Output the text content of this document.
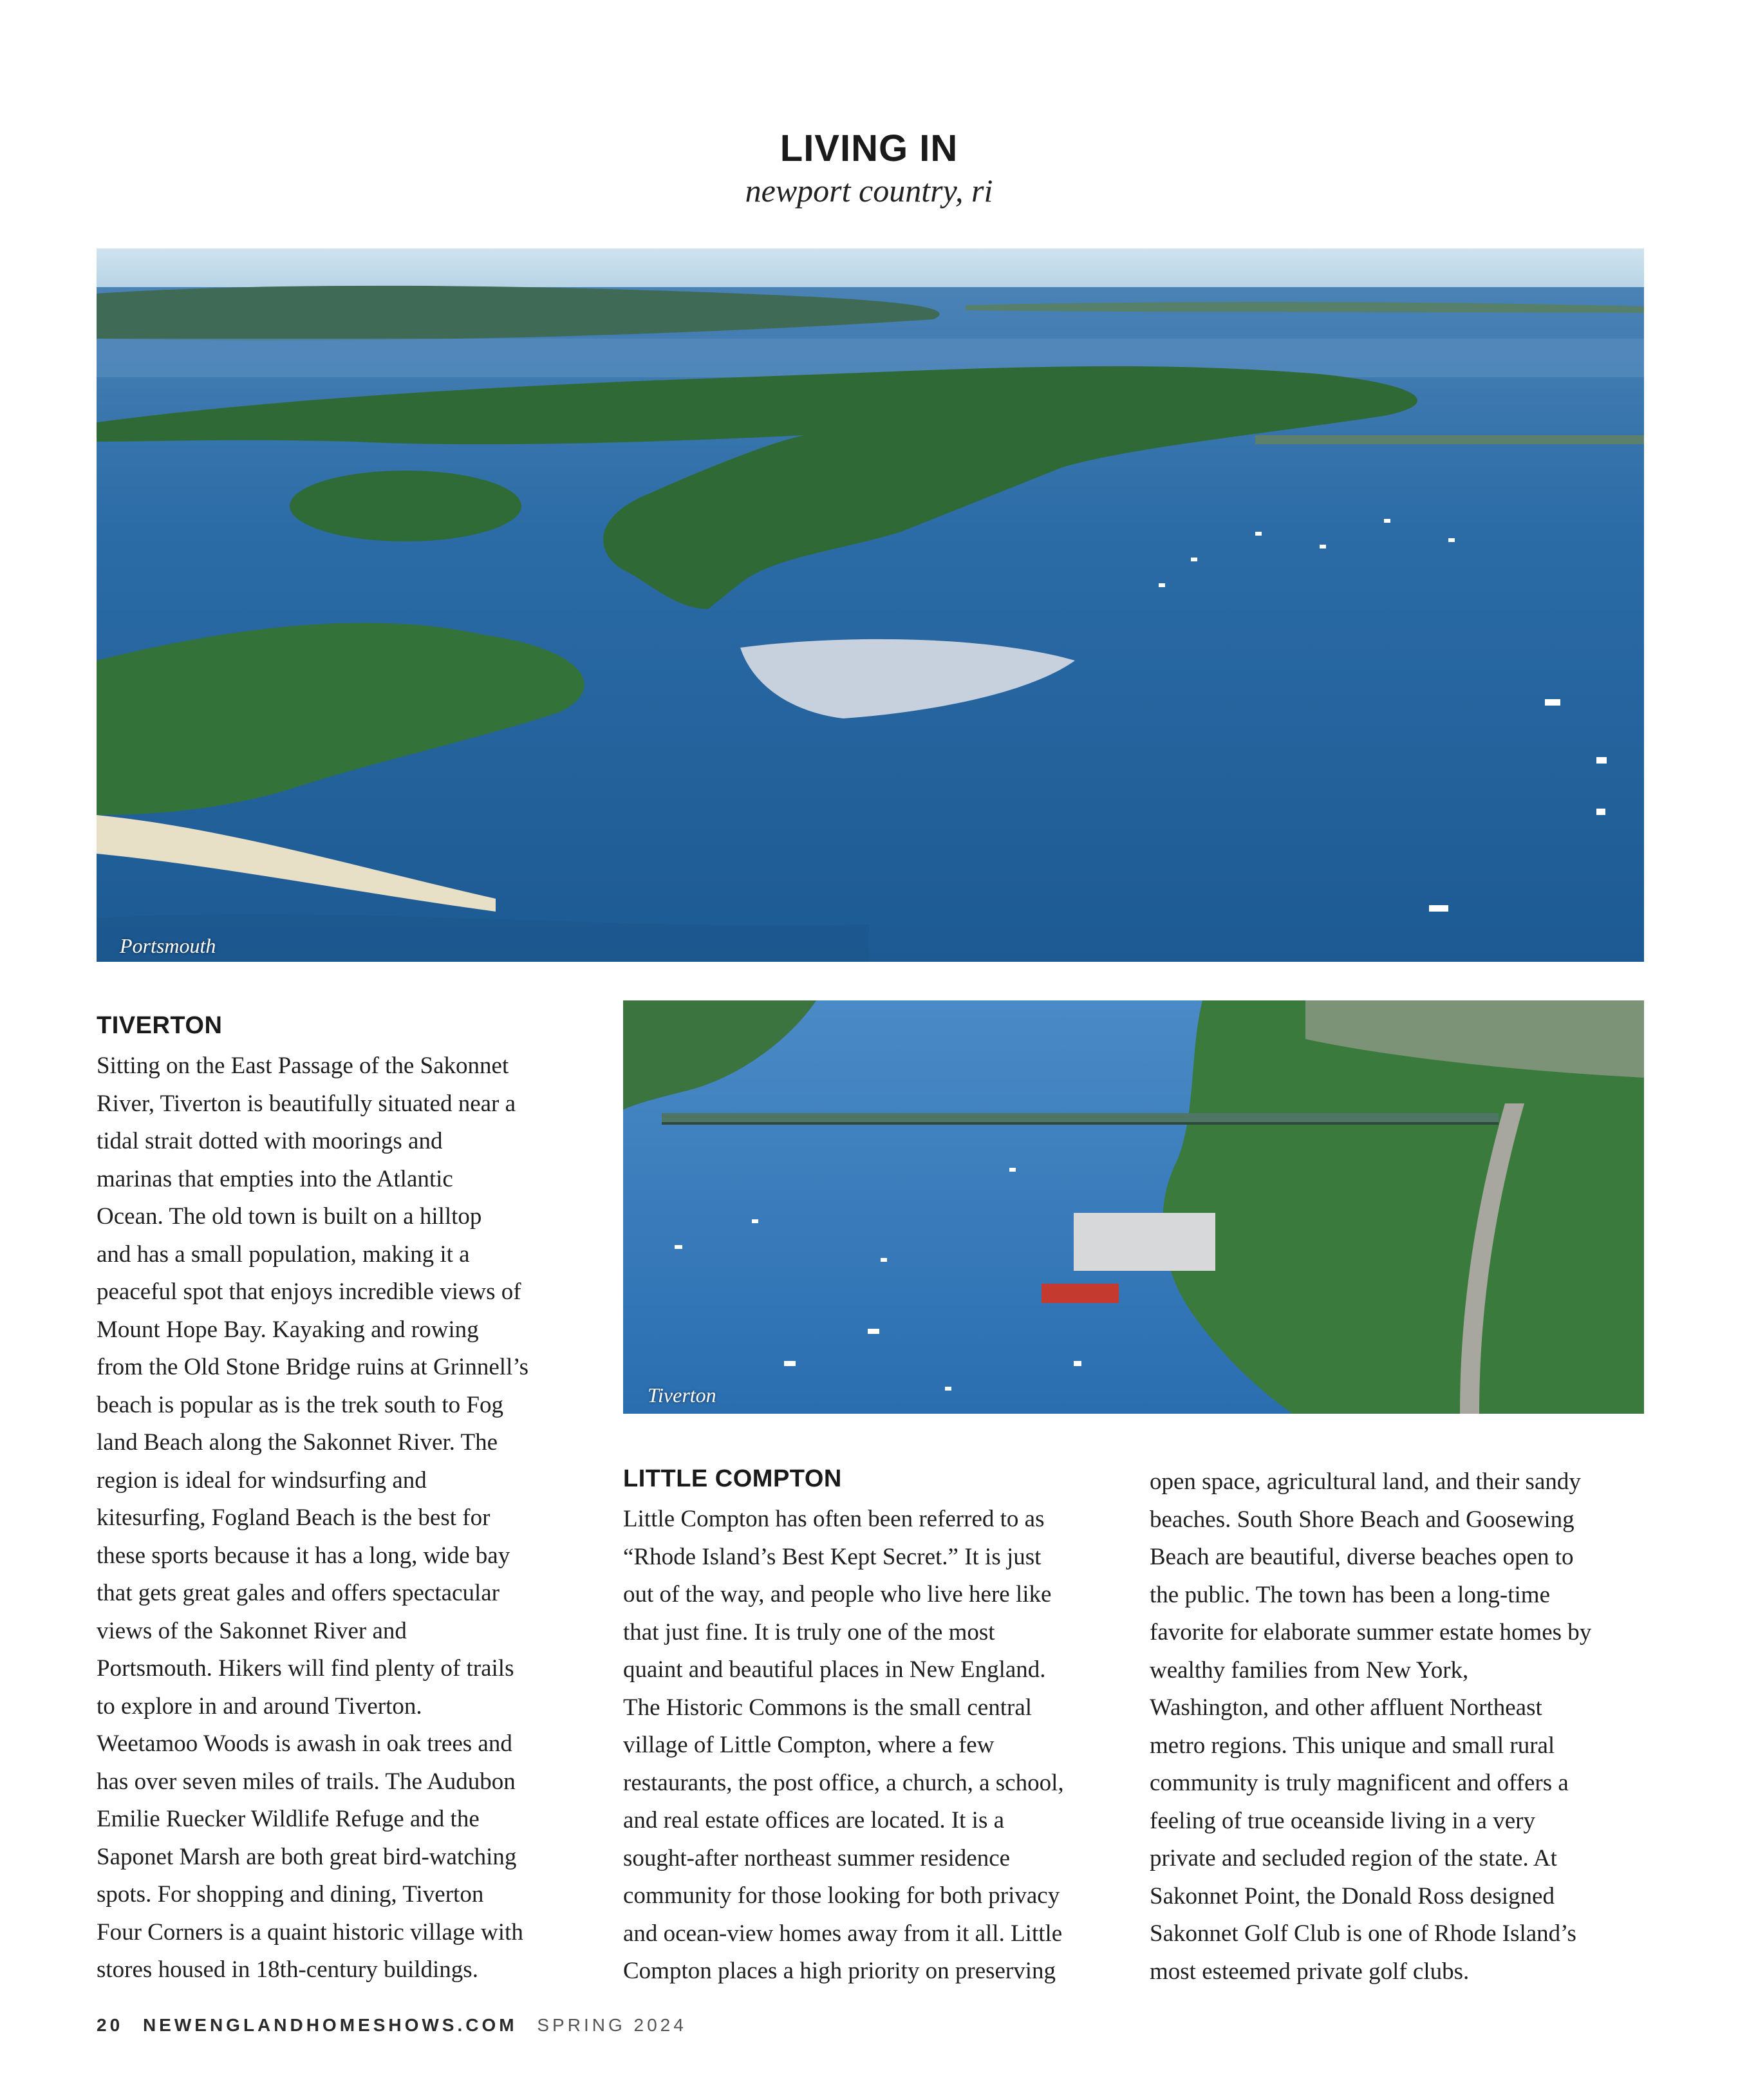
LIVING IN
newport country, ri
Portsmouth
Tiverton
TIVERTON
Sitting on the East Passage of the Sakonnet
River, Tiverton is beautifully situated near a
tidal strait dotted with moorings and
marinas that empties into the Atlantic
Ocean. The old town is built on a hilltop
and has a small population, making it a
peaceful spot that enjoys incredible views of
Mount Hope Bay. Kayaking and rowing
from the Old Stone Bridge ruins at Grinnell’s
beach is popular as is the trek south to Fog
land Beach along the Sakonnet River. The
region is ideal for windsurfing and
kitesurfing, Fogland Beach is the best for
these sports because it has a long, wide bay
that gets great gales and offers spectacular
views of the Sakonnet River and
Portsmouth. Hikers will find plenty of trails
to explore in and around Tiverton.
Weetamoo Woods is awash in oak trees and
has over seven miles of trails. The Audubon
Emilie Ruecker Wildlife Refuge and the
Saponet Marsh are both great bird-watching
spots. For shopping and dining, Tiverton
Four Corners is a quaint historic village with
stores housed in 18th-century buildings.
LITTLE COMPTON
Little Compton has often been referred to as
“Rhode Island’s Best Kept Secret.” It is just
out of the way, and people who live here like
that just fine. It is truly one of the most
quaint and beautiful places in New England.
The Historic Commons is the small central
village of Little Compton, where a few
restaurants, the post office, a church, a school,
and real estate offices are located. It is a
sought-after northeast summer residence
community for those looking for both privacy
and ocean-view homes away from it all. Little
Compton places a high priority on preserving
open space, agricultural land, and their sandy
beaches. South Shore Beach and Goosewing
Beach are beautiful, diverse beaches open to
the public. The town has been a long-time
favorite for elaborate summer estate homes by
wealthy families from New York,
Washington, and other affluent Northeast
metro regions. This unique and small rural
community is truly magnificent and offers a
feeling of true oceanside living in a very
private and secluded region of the state. At
Sakonnet Point, the Donald Ross designed
Sakonnet Golf Club is one of Rhode Island’s
most esteemed private golf clubs.
20 NEWENGLANDHOMESHOWS.COM SPRING 2024
